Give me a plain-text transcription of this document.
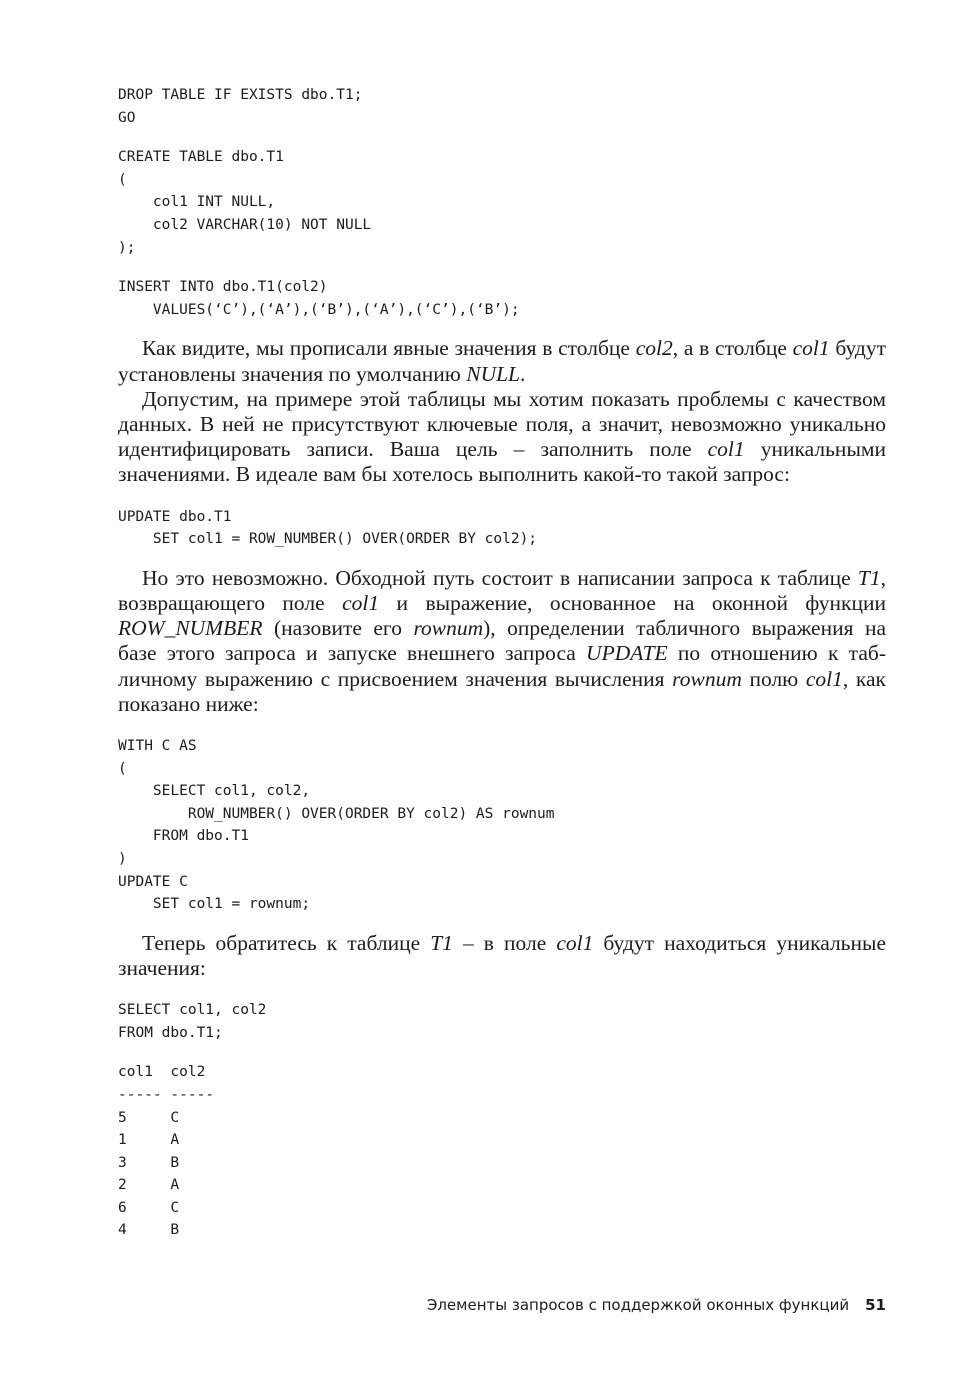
DROP TABLE IF EXISTS dbo.T1;
GO
CREATE TABLE dbo.T1
(
col1 INT NULL,
col2 VARCHAR(10) NOT NULL
);
INSERT INTO dbo.T1(col2)
VALUES(‘C’),(‘A’),(‘B’),(‘A’),(‘C’),(‘B’);

Как видите, мы прописали явные значения в столбце col2, а в столбце col1 будут установлены значения по умолчанию NULL.

Допустим, на примере этой таблицы мы хотим показать проблемы с качеством данных. В ней не присутствуют ключевые поля, а значит, невозможно уникально идентифицировать записи. Ваша цель – заполнить поле col1 уникальными значениями. В идеале вам бы хотелось выполнить какой-то такой запрос:

UPDATE dbo.T1
SET col1 = ROW_NUMBER() OVER(ORDER BY col2);

Но это невозможно. Обходной путь состоит в написании запроса к таблице T1, возвращающего поле col1 и выражение, основанное на оконной функции ROW_NUMBER (назовите его rownum), определении табличного выражения на базе этого запроса и запуске внешнего запроса UPDATE по отношению к табличному выражению с присвоением значения вычисления rownum полю col1, как показано ниже:

WITH C AS
(
SELECT col1, col2,
ROW_NUMBER() OVER(ORDER BY col2) AS rownum
FROM dbo.T1
)
UPDATE C
SET col1 = rownum;

Теперь обратитесь к таблице T1 – в поле col1 будут находиться уникальные значения:

SELECT col1, col2
FROM dbo.T1;
col1  col2
----- -----
5     C
1     A
3     B
2     A
6     C
4     B
Элементы запросов с поддержкой оконных функций 51
